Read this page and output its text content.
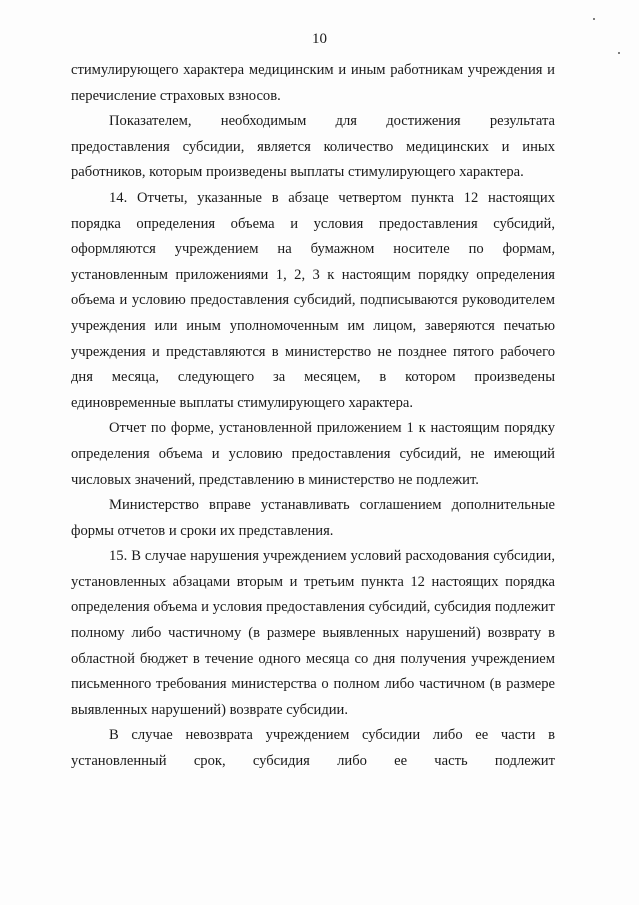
10

стимулирующего характера медицинским и иным работникам учреждения и перечисление страховых взносов.

Показателем, необходимым для достижения результата предоставления субсидии, является количество медицинских и иных работников, которым произведены выплаты стимулирующего характера.

14. Отчеты, указанные в абзаце четвертом пункта 12 настоящих порядка определения объема и условия предоставления субсидий, оформляются учреждением на бумажном носителе по формам, установленным приложениями 1, 2, 3 к настоящим порядку определения объема и условию предоставления субсидий, подписываются руководителем учреждения или иным уполномоченным им лицом, заверяются печатью учреждения и представляются в министерство не позднее пятого рабочего дня месяца, следующего за месяцем, в котором произведены единовременные выплаты стимулирующего характера.

Отчет по форме, установленной приложением 1 к настоящим порядку определения объема и условию предоставления субсидий, не имеющий числовых значений, представлению в министерство не подлежит.

Министерство вправе устанавливать соглашением дополнительные формы отчетов и сроки их представления.

15. В случае нарушения учреждением условий расходования субсидии, установленных абзацами вторым и третьим пункта 12 настоящих порядка определения объема и условия предоставления субсидий, субсидия подлежит полному либо частичному (в размере выявленных нарушений) возврату в областной бюджет в течение одного месяца со дня получения учреждением письменного требования министерства о полном либо частичном (в размере выявленных нарушений) возврате субсидии.

В случае невозврата учреждением субсидии либо ее части в установленный срок, субсидия либо ее часть подлежит
